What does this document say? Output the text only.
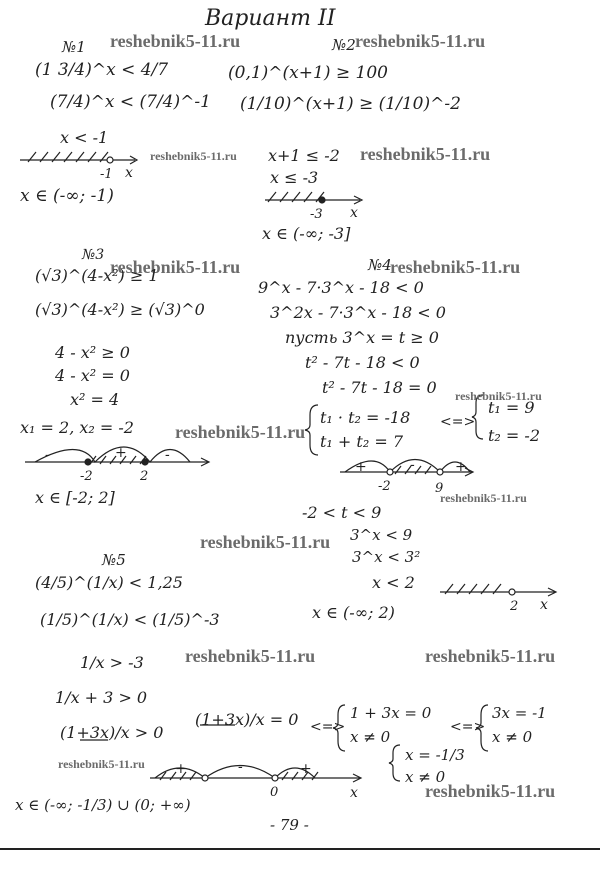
Вариант II
reshebnik5-11.ru	reshebnik5-11.ru
reshebnik5-11.ru	reshebnik5-11.ru
reshebnik5-11.ru	reshebnik5-11.ru
reshebnik5-11.ru
reshebnik5-11.ru
reshebnik5-11.ru
reshebnik5-11.ru
reshebnik5-11.ru	reshebnik5-11.ru
reshebnik5-11.ru
reshebnik5-11.ru
№1
(1 3/4)^x < 4/7
(7/4)^x < (7/4)^-1
x < -1
-1 x
x ∈ (-∞; -1)
№2
(0,1)^(x+1) ≥ 100
(1/10)^(x+1) ≥ (1/10)^-2
x+1 ≤ -2
x ≤ -3
-3 x
x ∈ (-∞; -3]
№3
(√3)^(4-x²) ≥ 1
(√3)^(4-x²) ≥ (√3)^0
4 - x² ≥ 0
4 - x² = 0
x² = 4
x₁ = 2, x₂ = -2
-	+	-
-2	2
x ∈ [-2; 2]
№4
9^x - 7·3^x - 18 < 0
3^2x - 7·3^x - 18 < 0
пусть 3^x = t ≥ 0
t² - 7t - 18 < 0
t² - 7t - 18 = 0
t₁ · t₂ = -18
t₁ + t₂ = 7
<=>
t₁ = 9
t₂ = -2
+	-	+
-2	9
-2 < t < 9
3^x < 9
3^x < 3²
x < 2
2 x
x ∈ (-∞; 2)
№5
(4/5)^(1/x) < 1,25
(1/5)^(1/x) < (1/5)^-3
1/x > -3
1/x + 3 > 0
(1+3x)/x > 0
(1+3x)/x = 0 <=>
1 + 3x = 0
x ≠ 0
<=>
3x = -1
x ≠ 0
x = -1/3
x ≠ 0
+	-	+
0	x
x ∈ (-∞; -1/3) ∪ (0; +∞)
- 79 -
